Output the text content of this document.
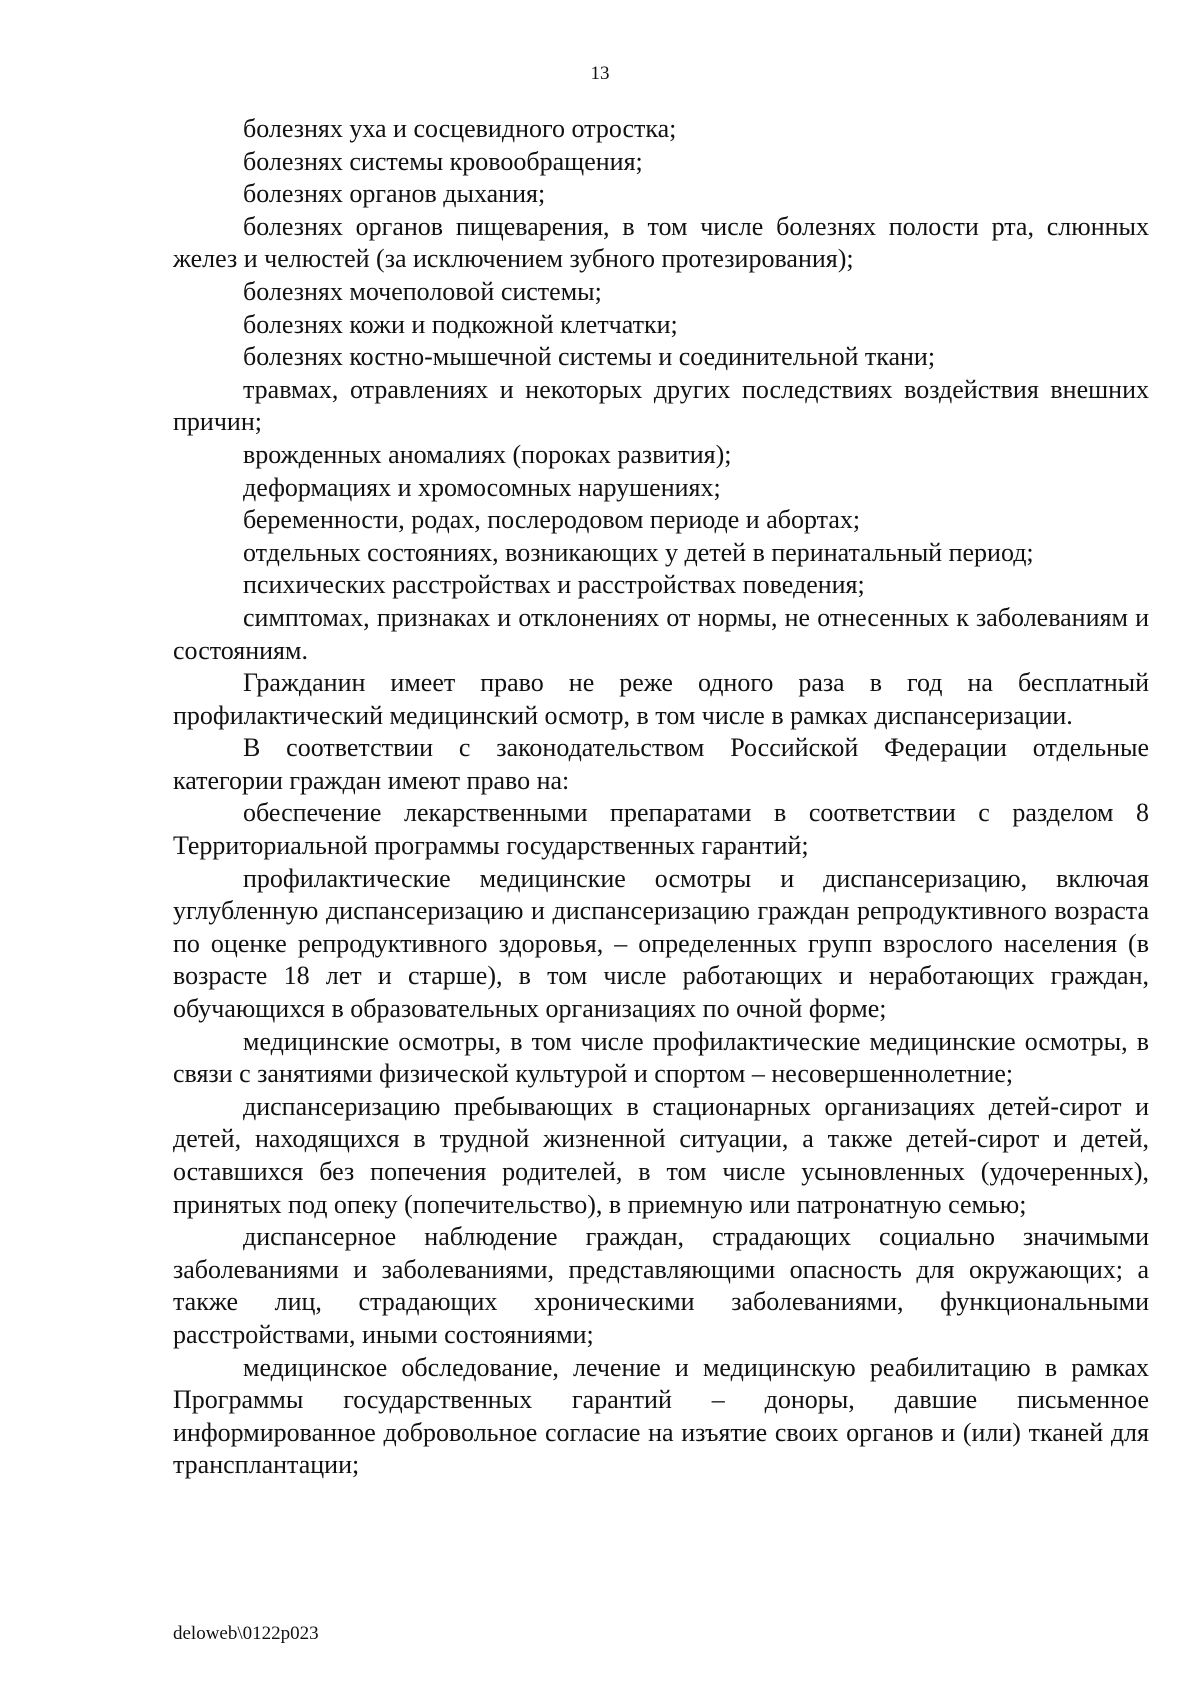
13

болезнях уха и сосцевидного отростка;

болезнях системы кровообращения;

болезнях органов дыхания;

болезнях органов пищеварения, в том числе болезнях полости рта, слюнных желез и челюстей (за исключением зубного протезирования);

болезнях мочеполовой системы;

болезнях кожи и подкожной клетчатки;

болезнях костно-мышечной системы и соединительной ткани;

травмах, отравлениях и некоторых других последствиях воздействия внешних причин;

врожденных аномалиях (пороках развития);

деформациях и хромосомных нарушениях;

беременности, родах, послеродовом периоде и абортах;

отдельных состояниях, возникающих у детей в перинатальный период;

психических расстройствах и расстройствах поведения;

симптомах, признаках и отклонениях от нормы, не отнесенных к заболеваниям и состояниям.

Гражданин имеет право не реже одного раза в год на бесплатный профилактический медицинский осмотр, в том числе в рамках диспансеризации.

В соответствии с законодательством Российской Федерации отдельные категории граждан имеют право на:

обеспечение лекарственными препаратами в соответствии с разделом 8 Территориальной программы государственных гарантий;

профилактические медицинские осмотры и диспансеризацию, включая углубленную диспансеризацию и диспансеризацию граждан репродуктивного возраста по оценке репродуктивного здоровья, – определенных групп взрослого населения (в возрасте 18 лет и старше), в том числе работающих и неработающих граждан, обучающихся в образовательных организациях по очной форме;

медицинские осмотры, в том числе профилактические медицинские осмотры, в связи с занятиями физической культурой и спортом – несовершеннолетние;

диспансеризацию пребывающих в стационарных организациях детей-сирот и детей, находящихся в трудной жизненной ситуации, а также детей-сирот и детей, оставшихся без попечения родителей, в том числе усыновленных (удочеренных), принятых под опеку (попечительство), в приемную или патронатную семью;

диспансерное наблюдение граждан, страдающих социально значимыми заболеваниями и заболеваниями, представляющими опасность для окружающих; а также лиц, страдающих хроническими заболеваниями, функциональными расстройствами, иными состояниями;

медицинское обследование, лечение и медицинскую реабилитацию в рамках Программы государственных гарантий – доноры, давшие письменное информированное добровольное согласие на изъятие своих органов и (или) тканей для трансплантации;

deloweb\0122p023
